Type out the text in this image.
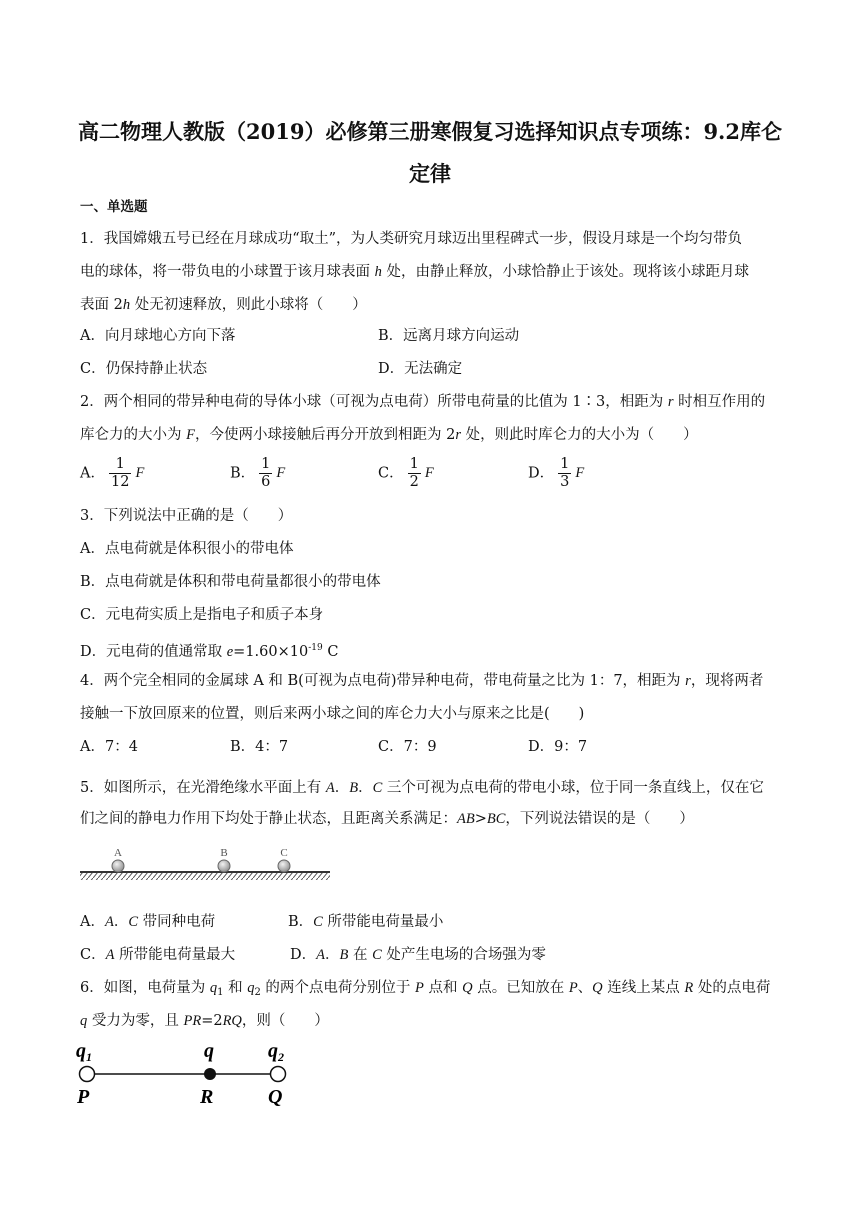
高二物理人教版（2019）必修第三册寒假复习选择知识点专项练：9.2库仑
定律
一、单选题
1．我国嫦娥五号已经在月球成功“取土”，为人类研究月球迈出里程碑式一步，假设月球是一个均匀带负
电的球体，将一带负电的小球置于该月球表面 h 处，由静止释放，小球恰静止于该处。现将该小球距月球
表面 2h 处无初速释放，则此小球将（　　）
A．向月球地心方向下落	B．远离月球方向运动
C．仍保持静止状态	D．无法确定
2．两个相同的带异种电荷的导体小球（可视为点电荷）所带电荷量的比值为 1∶3，相距为 r 时相互作用的
库仑力的大小为 F，今使两小球接触后再分开放到相距为 2r 处，则此时库仑力的大小为（　　）
A． $\frac{1}{12}$ F	B． $\frac{1}{6}$ F	C． $\frac{1}{2}$ F	D． $\frac{1}{3}$ F
3．下列说法中正确的是（　　）
A．点电荷就是体积很小的带电体
B．点电荷就是体积和带电荷量都很小的带电体
C．元电荷实质上是指电子和质子本身
D．元电荷的值通常取 $e=1.60\times 10^{-19}$ C
4．两个完全相同的金属球 A 和 B(可视为点电荷)带异种电荷，带电荷量之比为 1：7，相距为 r，现将两者
接触一下放回原来的位置，则后来两小球之间的库仑力大小与原来之比是(　　)
A．7：4	B．4：7	C．7：9	D．9：7
5．如图所示，在光滑绝缘水平面上有 A．B．C 三个可视为点电荷的带电小球，位于同一条直线上，仅在它
们之间的静电力作用下均处于静止状态，且距离关系满足：AB>BC，下列说法错误的是（　　）
A	B	C
A．A．C 带同种电荷	B．C 所带能电荷量最小
C．A 所带能电荷量最大	D．A．B 在 C 处产生电场的合场强为零
6．如图，电荷量为 $q_1$ 和 $q_2$ 的两个点电荷分别位于 P 点和 Q 点。已知放在 P、Q 连线上某点 R 处的点电荷
q 受力为零，且 PR=2RQ，则（　　）
$q_1$	q	$q_2$
P	R	Q
